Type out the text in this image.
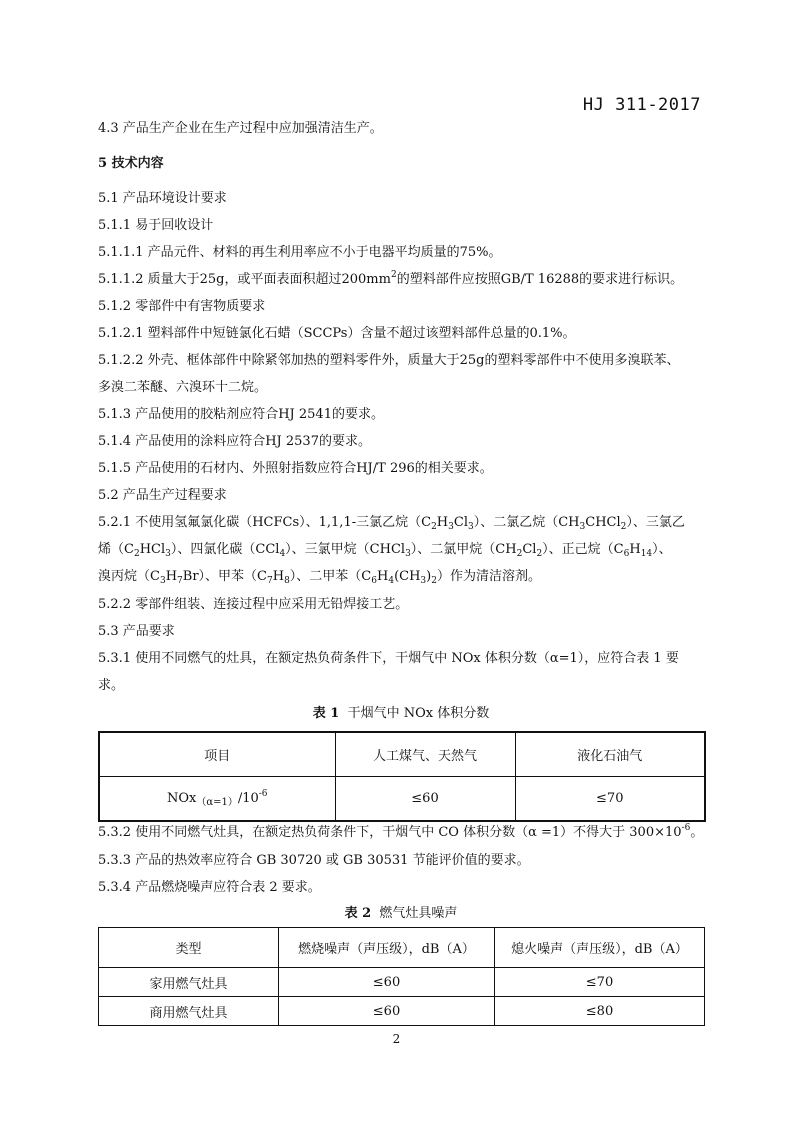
HJ 311-2017
4.3 产品生产企业在生产过程中应加强清洁生产。
5 技术内容
5.1 产品环境设计要求
5.1.1 易于回收设计
5.1.1.1 产品元件、材料的再生利用率应不小于电器平均质量的75%。
5.1.1.2 质量大于25g，或平面表面积超过$200mm^2$的塑料部件应按照GB/T 16288的要求进行标识。
5.1.2 零部件中有害物质要求
5.1.2.1 塑料部件中短链氯化石蜡（SCCPs）含量不超过该塑料部件总量的0.1%。
5.1.2.2 外壳、框体部件中除紧邻加热的塑料零件外，质量大于25g的塑料零部件中不使用多溴联苯、
多溴二苯醚、六溴环十二烷。
5.1.3 产品使用的胶粘剂应符合HJ 2541的要求。
5.1.4 产品使用的涂料应符合HJ 2537的要求。
5.1.5 产品使用的石材内、外照射指数应符合HJ/T 296的相关要求。
5.2 产品生产过程要求
5.2.1 不使用氢氟氯化碳（HCFCs）、1,1,1-三氯乙烷$(C_2H_3Cl_3)$、二氯乙烷$(CH_3CHCl_2)$、三氯乙
烯$(C_2HCl_3)$、四氯化碳（CCl$_4$）、三氯甲烷（CHCl$_3$）、二氯甲烷$(CH_2Cl_2)$、正己烷$(C_6H_{14})$、
溴丙烷$(C_3H_7Br)$、甲苯$(C_7H_8)$、二甲苯$(C_6H_4(CH_3)_2)$作为清洁溶剂。
5.2.2 零部件组装、连接过程中应采用无铅焊接工艺。
5.3 产品要求
5.3.1 使用不同燃气的灶具，在额定热负荷条件下，干烟气中 NOx 体积分数（α=1），应符合表 1 要
求。
表 1 干烟气中 NOx 体积分数
项目	人工煤气、天然气	液化石油气
$NOx_{(\alpha=1)}/10^{-6}$	≤60	≤70
5.3.2 使用不同燃气灶具，在额定热负荷条件下，干烟气中 CO 体积分数（α =1）不得大于 $300\times 10^{-6}$。
5.3.3 产品的热效率应符合 GB 30720 或 GB 30531 节能评价值的要求。
5.3.4 产品燃烧噪声应符合表 2 要求。
表 2 燃气灶具噪声
类型	燃烧噪声（声压级），dB（A）	熄火噪声（声压级），dB（A）
家用燃气灶具	≤60	≤70
商用燃气灶具	≤60	≤80
2
